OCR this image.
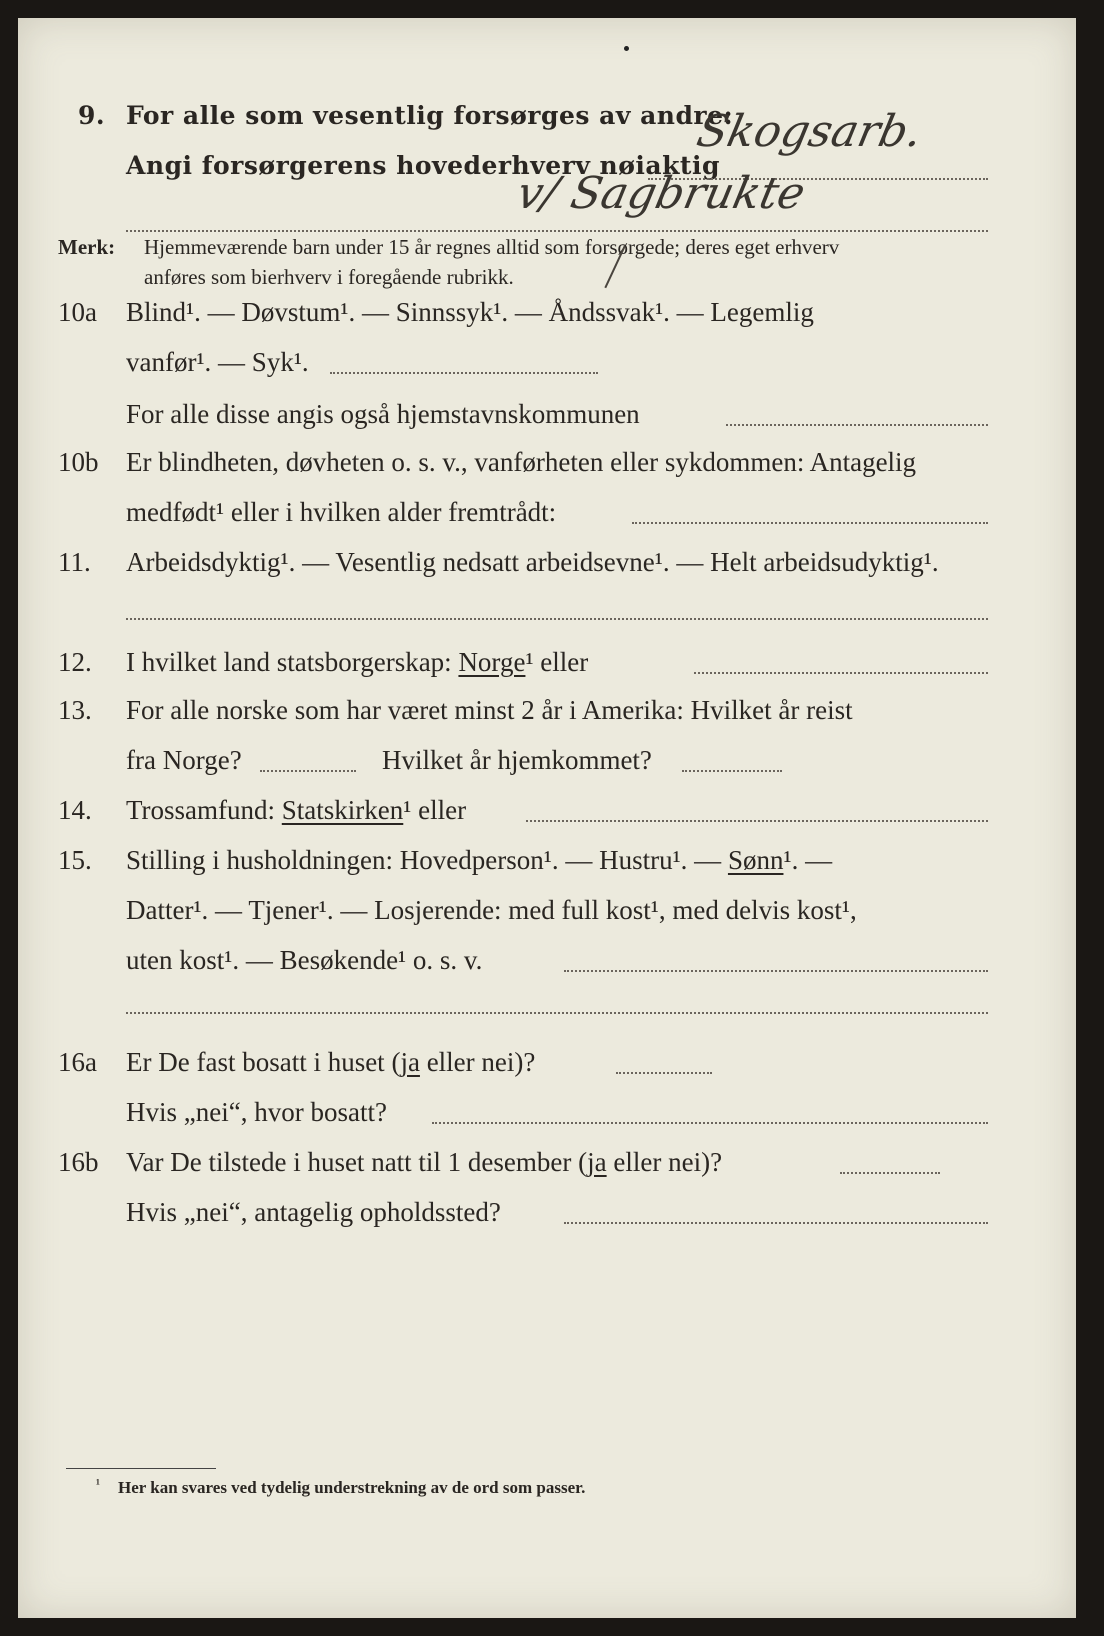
9. For alle som vesentlig forsørges av andre:
Skogsarb.
Angi forsørgerens hovederhverv nøiaktig
v/ Sagbrukte
Merk: Hjemmeværende barn under 15 år regnes alltid som forsørgede; deres eget erhverv
anføres som bierhverv i foregående rubrikk.
10a Blind¹. — Døvstum¹. — Sinnssyk¹. — Åndssvak¹. — Legemlig
vanfør¹. — Syk¹.
For alle disse angis også hjemstavnskommunen
10b Er blindheten, døvheten o. s. v., vanførheten eller sykdommen: Antagelig
medfødt¹ eller i hvilken alder fremtrådt:
11. Arbeidsdyktig¹. — Vesentlig nedsatt arbeidsevne¹. — Helt arbeidsudyktig¹.
12. I hvilket land statsborgerskap: Norge¹ eller
13. For alle norske som har været minst 2 år i Amerika: Hvilket år reist
fra Norge?	Hvilket år hjemkommet?
14. Trossamfund: Statskirken¹ eller
15. Stilling i husholdningen: Hovedperson¹. — Hustru¹. — Sønn¹. —
Datter¹. — Tjener¹. — Losjerende: med full kost¹, med delvis kost¹,
uten kost¹. — Besøkende¹ o. s. v.
16a Er De fast bosatt i huset (ja eller nei)?
Hvis „nei“, hvor bosatt?
16b Var De tilstede i huset natt til 1 desember (ja eller nei)?
Hvis „nei“, antagelig opholdssted?
¹ Her kan svares ved tydelig understrekning av de ord som passer.
